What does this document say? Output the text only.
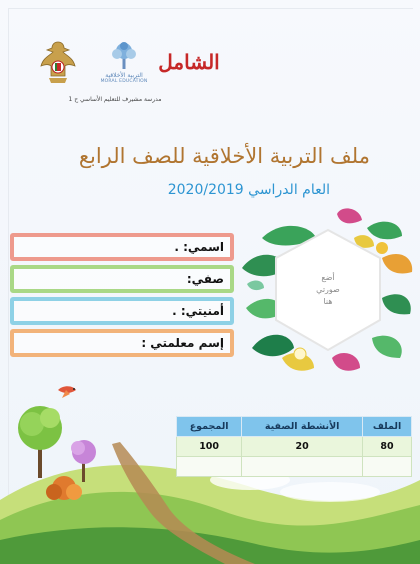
التربية الأخلاقية
MORAL EDUCATION
الشامل
مدرسة مشيرف للتعليم الأساسي ح 1
ملف التربية الأخلاقية للصف الرابع
العام الدراسي 2020/2019
اسمي: .
صفي:
أمنيتي: .
إسم معلمتي :
أضع
صورتي
هنا
الملف	الأنشطة الصفية	المجموع
80	20	100
